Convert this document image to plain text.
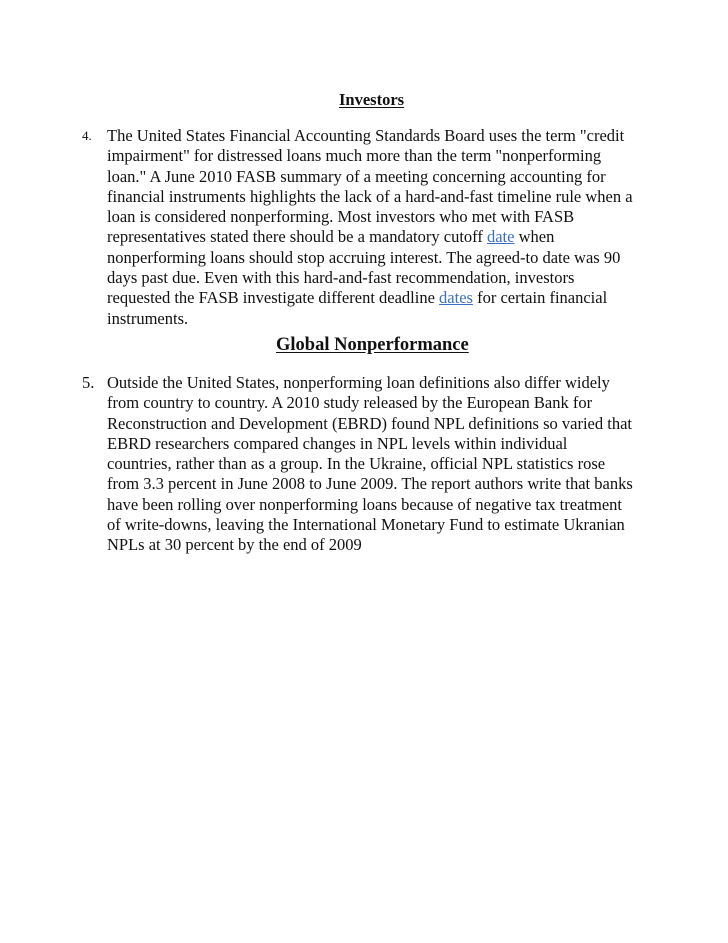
Investors
4. The United States Financial Accounting Standards Board uses the term "credit
impairment" for distressed loans much more than the term "nonperforming
loan." A June 2010 FASB summary of a meeting concerning accounting for
financial instruments highlights the lack of a hard-and-fast timeline rule when a
loan is considered nonperforming. Most investors who met with FASB
representatives stated there should be a mandatory cutoff date when
nonperforming loans should stop accruing interest. The agreed-to date was 90
days past due. Even with this hard-and-fast recommendation, investors
requested the FASB investigate different deadline dates for certain financial
instruments.
Global Nonperformance
5. Outside the United States, nonperforming loan definitions also differ widely
from country to country. A 2010 study released by the European Bank for
Reconstruction and Development (EBRD) found NPL definitions so varied that
EBRD researchers compared changes in NPL levels within individual
countries, rather than as a group. In the Ukraine, official NPL statistics rose
from 3.3 percent in June 2008 to June 2009. The report authors write that banks
have been rolling over nonperforming loans because of negative tax treatment
of write-downs, leaving the International Monetary Fund to estimate Ukranian
NPLs at 30 percent by the end of 2009
